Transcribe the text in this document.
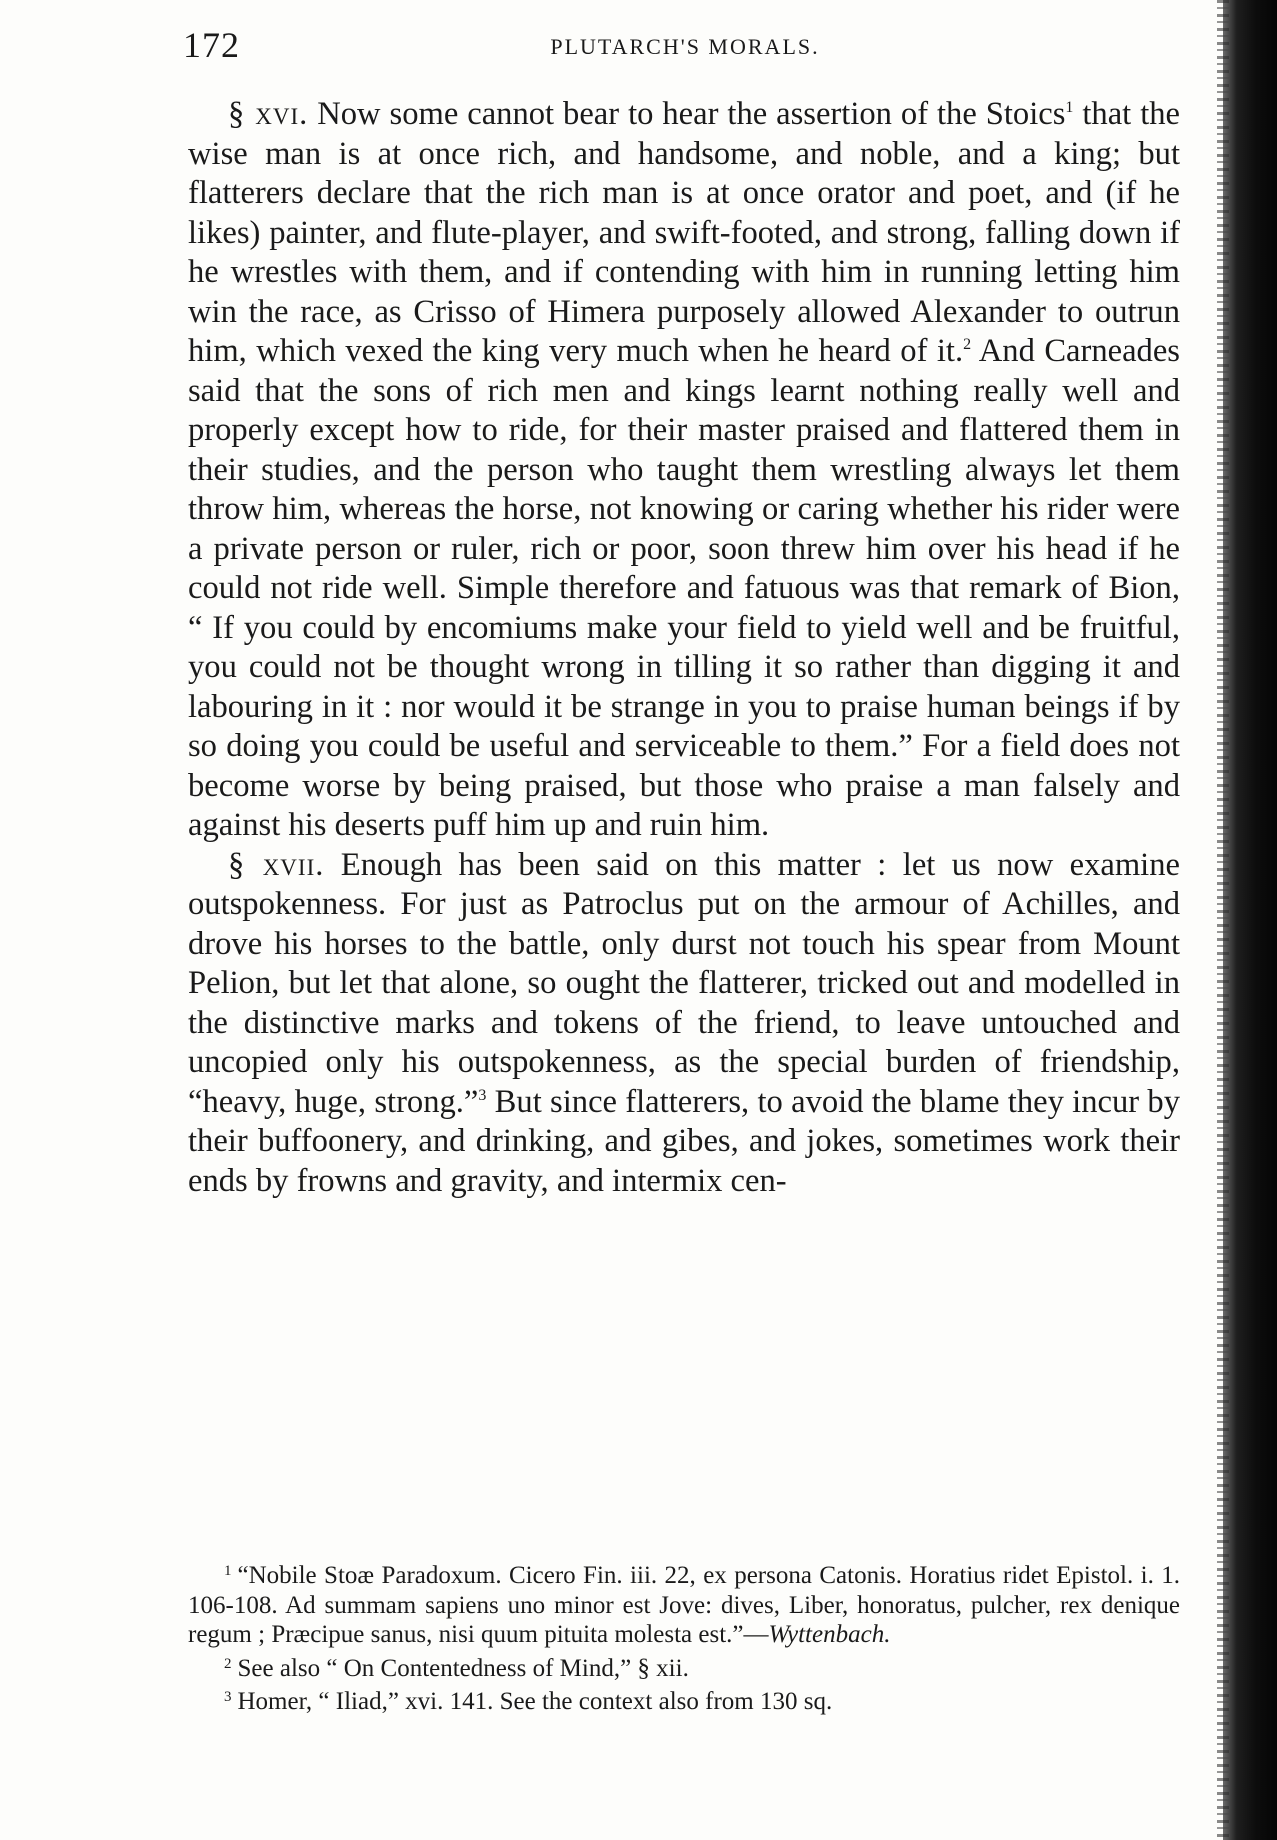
172	PLUTARCH'S MORALS.

§ xvi. Now some cannot bear to hear the assertion of the Stoics$^1$ that the wise man is at once rich, and handsome, and noble, and a king; but flatterers declare that the rich man is at once orator and poet, and (if he likes) painter, and flute-player, and swift-footed, and strong, falling down if he wrestles with them, and if contending with him in running letting him win the race, as Crisso of Himera purposely allowed Alexander to outrun him, which vexed the king very much when he heard of it.$^2$ And Carneades said that the sons of rich men and kings learnt nothing really well and properly except how to ride, for their master praised and flattered them in their studies, and the person who taught them wrestling always let them throw him, whereas the horse, not knowing or caring whether his rider were a private person or ruler, rich or poor, soon threw him over his head if he could not ride well. Simple therefore and fatuous was that remark of Bion, “ If you could by encomiums make your field to yield well and be fruitful, you could not be thought wrong in tilling it so rather than digging it and labouring in it : nor would it be strange in you to praise human beings if by so doing you could be useful and serviceable to them.” For a field does not become worse by being praised, but those who praise a man falsely and against his deserts puff him up and ruin him.

§ xvii. Enough has been said on this matter : let us now examine outspokenness. For just as Patroclus put on the armour of Achilles, and drove his horses to the battle, only durst not touch his spear from Mount Pelion, but let that alone, so ought the flatterer, tricked out and modelled in the distinctive marks and tokens of the friend, to leave untouched and uncopied only his outspokenness, as the special burden of friendship, “heavy, huge, strong.”$^3$ But since flatterers, to avoid the blame they incur by their buffoonery, and drinking, and gibes, and jokes, sometimes work their ends by frowns and gravity, and intermix cen-

$^1$ “Nobile Stoæ Paradoxum. Cicero Fin. iii. 22, ex persona Catonis. Horatius ridet Epistol. i. 1. 106-108. Ad summam sapiens uno minor est Jove: dives, Liber, honoratus, pulcher, rex denique regum ; Præcipue sanus, nisi quum pituita molesta est.”—Wyttenbach.

$^2$ See also “ On Contentedness of Mind,” § xii.

$^3$ Homer, “ Iliad,” xvi. 141. See the context also from 130 sq.
